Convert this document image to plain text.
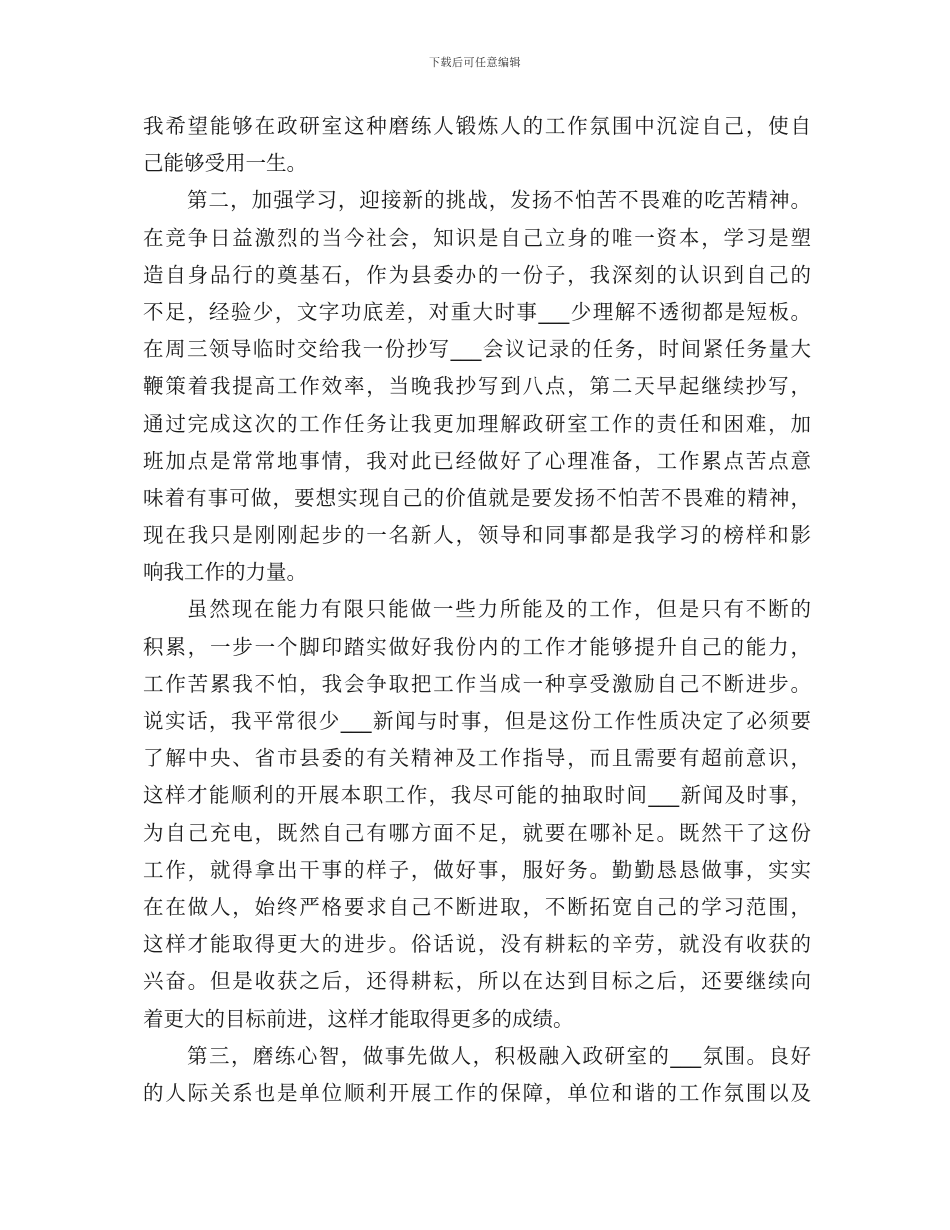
下载后可任意编辑
我希望能够在政研室这种磨练人锻炼人的工作氛围中沉淀自己，使自
己能够受用一生。
第二，加强学习，迎接新的挑战，发扬不怕苦不畏难的吃苦精神。
在竞争日益激烈的当今社会，知识是自己立身的唯一资本，学习是塑
造自身品行的奠基石，作为县委办的一份子，我深刻的认识到自己的
不足，经验少，文字功底差，对重大时事___少理解不透彻都是短板。
在周三领导临时交给我一份抄写___会议记录的任务，时间紧任务量大
鞭策着我提高工作效率，当晚我抄写到八点，第二天早起继续抄写，
通过完成这次的工作任务让我更加理解政研室工作的责任和困难，加
班加点是常常地事情，我对此已经做好了心理准备，工作累点苦点意
味着有事可做，要想实现自己的价值就是要发扬不怕苦不畏难的精神，
现在我只是刚刚起步的一名新人，领导和同事都是我学习的榜样和影
响我工作的力量。
虽然现在能力有限只能做一些力所能及的工作，但是只有不断的
积累，一步一个脚印踏实做好我份内的工作才能够提升自己的能力，
工作苦累我不怕，我会争取把工作当成一种享受激励自己不断进步。
说实话，我平常很少___新闻与时事，但是这份工作性质决定了必须要
了解中央、省市县委的有关精神及工作指导，而且需要有超前意识，
这样才能顺利的开展本职工作，我尽可能的抽取时间___新闻及时事，
为自己充电，既然自己有哪方面不足，就要在哪补足。既然干了这份
工作，就得拿出干事的样子，做好事，服好务。勤勤恳恳做事，实实
在在做人，始终严格要求自己不断进取，不断拓宽自己的学习范围，
这样才能取得更大的进步。俗话说，没有耕耘的辛劳，就没有收获的
兴奋。但是收获之后，还得耕耘，所以在达到目标之后，还要继续向
着更大的目标前进，这样才能取得更多的成绩。
第三，磨练心智，做事先做人，积极融入政研室的___氛围。良好
的人际关系也是单位顺利开展工作的保障，单位和谐的工作氛围以及
